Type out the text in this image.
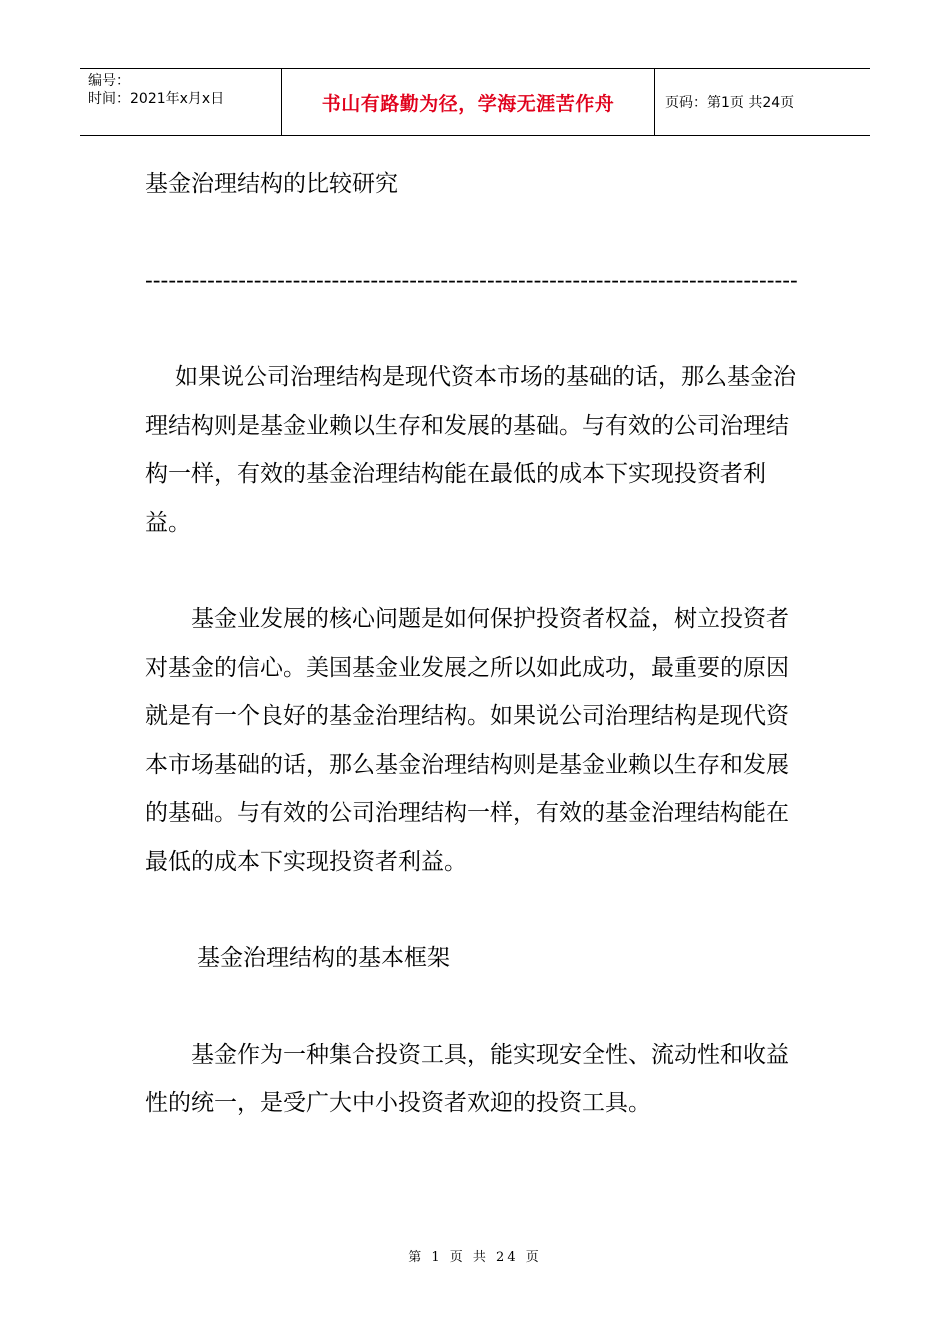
编号：
时间：2021年x月x日	书山有路勤为径，学海无涯苦作舟	页码：第1页 共24页

基金治理结构的比较研究

------------------------------------------------------------------------------------

如果说公司治理结构是现代资本市场的基础的话，那么基金治理结构则是基金业赖以生存和发展的基础。与有效的公司治理结构一样，有效的基金治理结构能在最低的成本下实现投资者利益。

基金业发展的核心问题是如何保护投资者权益，树立投资者对基金的信心。美国基金业发展之所以如此成功，最重要的原因就是有一个良好的基金治理结构。如果说公司治理结构是现代资本市场基础的话，那么基金治理结构则是基金业赖以生存和发展的基础。与有效的公司治理结构一样，有效的基金治理结构能在最低的成本下实现投资者利益。

基金治理结构的基本框架

基金作为一种集合投资工具，能实现安全性、流动性和收益性的统一，是受广大中小投资者欢迎的投资工具。

第 1 页 共 24 页
